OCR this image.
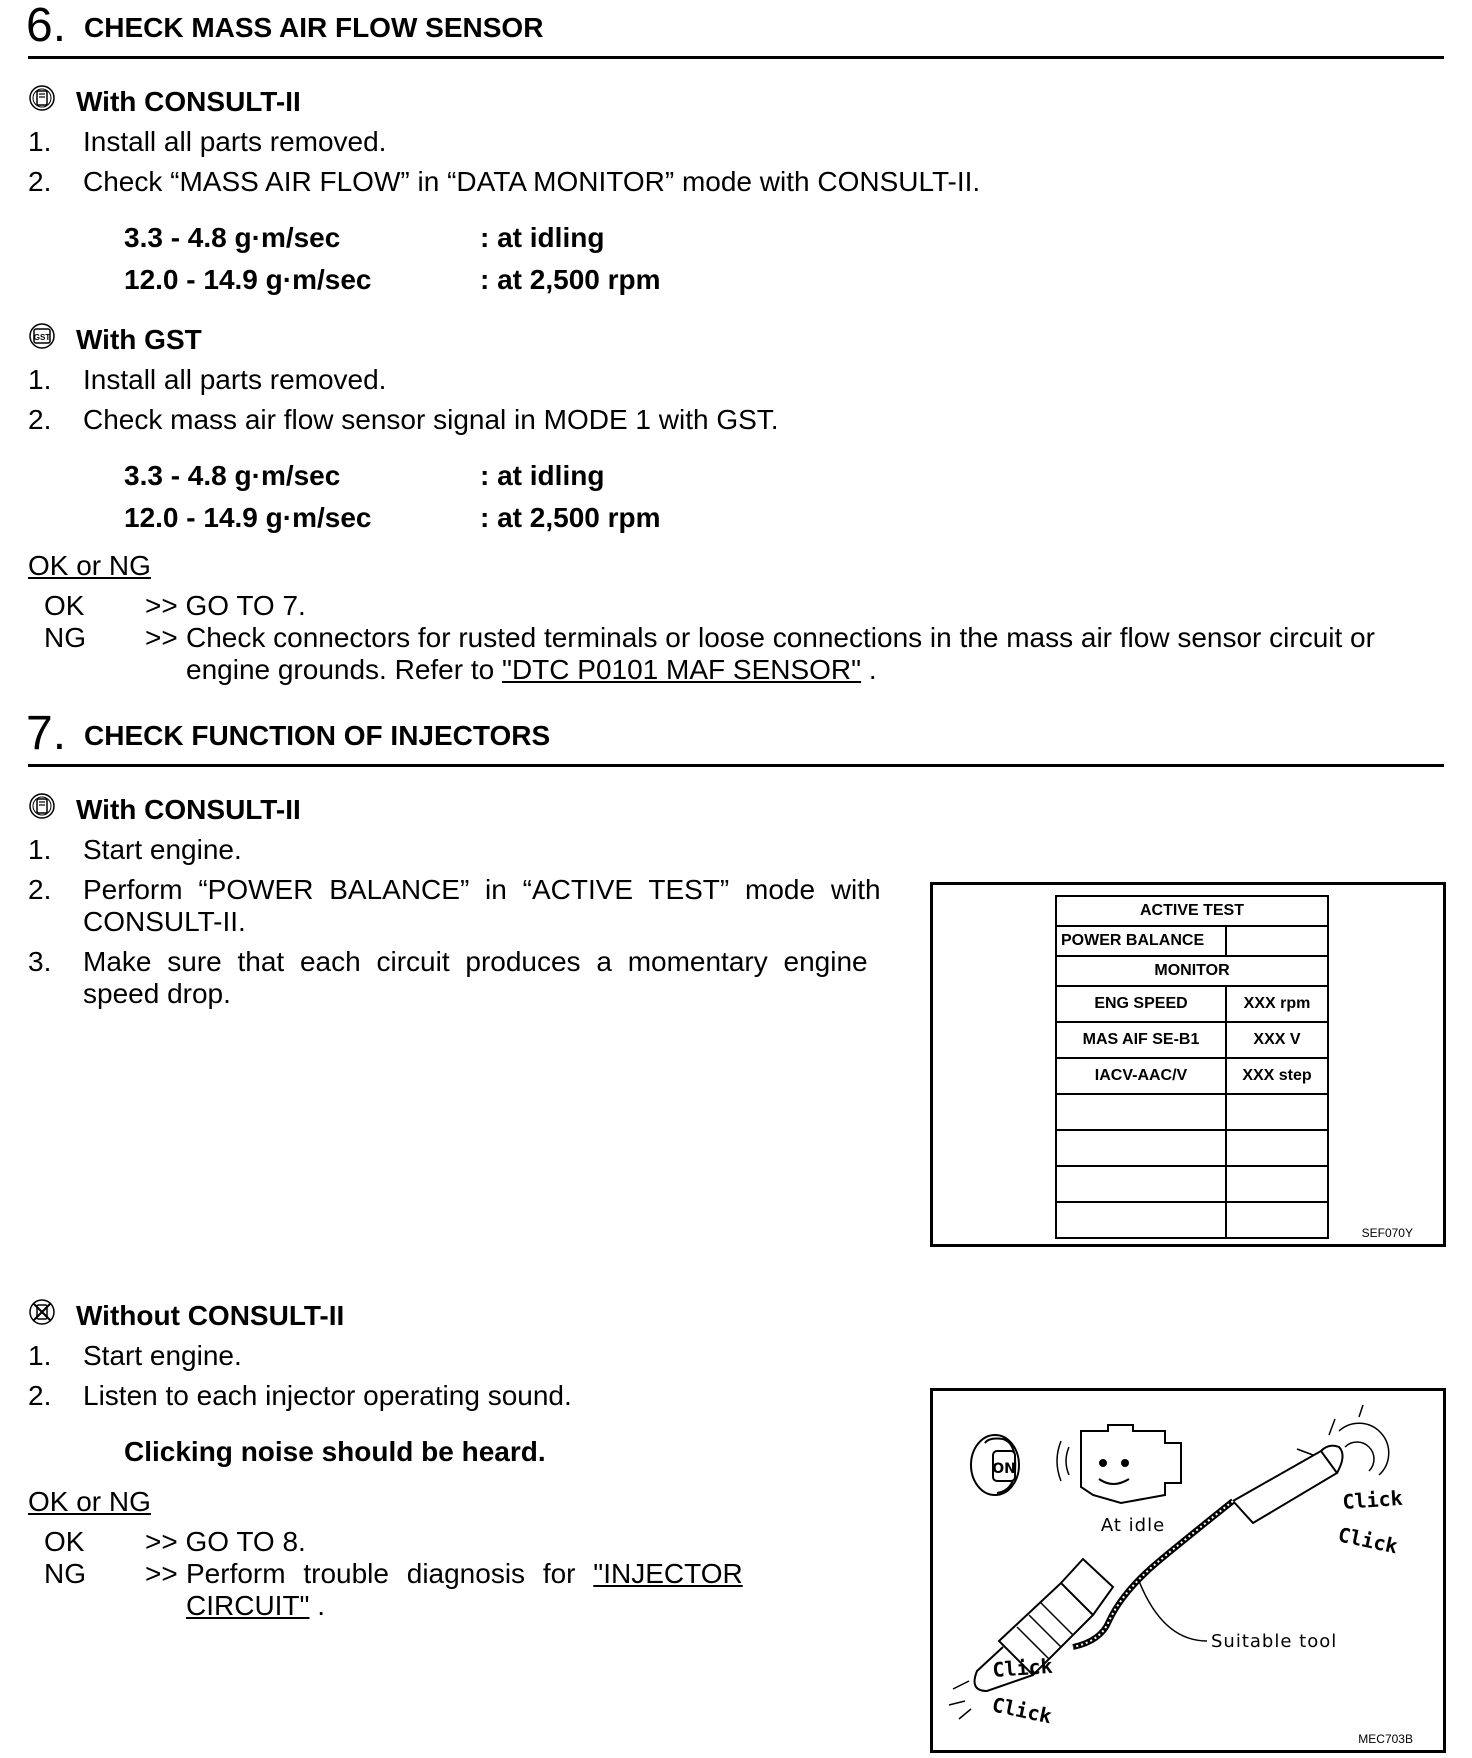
6. CHECK MASS AIR FLOW SENSOR
With CONSULT-II
1. Install all parts removed.
2. Check “MASS AIR FLOW” in “DATA MONITOR” mode with CONSULT-II.
3.3 - 4.8 g·m/sec	: at idling
12.0 - 14.9 g·m/sec	: at 2,500 rpm
GST With GST
1. Install all parts removed.
2. Check mass air flow sensor signal in MODE 1 with GST.
3.3 - 4.8 g·m/sec	: at idling
12.0 - 14.9 g·m/sec	: at 2,500 rpm
OK or NG
OK >> GO TO 7.
NG >> Check connectors for rusted terminals or loose connections in the mass air flow sensor circuit or
engine grounds. Refer to "DTC P0101 MAF SENSOR" .
7. CHECK FUNCTION OF INJECTORS
With CONSULT-II
1. Start engine.
2. Perform “POWER BALANCE” in “ACTIVE TEST” mode with
CONSULT-II.
3. Make sure that each circuit produces a momentary engine
speed drop.
ACTIVE TEST	
POWER BALANCE	
MONITOR	
ENG SPEED	XXX rpm
MAS AIF SE-B1	XXX V
IACV-AAC/V	XXX step

SEF070Y
Without CONSULT-II
1. Start engine.
2. Listen to each injector operating sound.
Clicking noise should be heard.
OK or NG
OK >> GO TO 8.
NG >> Perform trouble diagnosis for "INJECTOR
CIRCUIT" .
ON
At idle
Suitable tool
Click
Click
Click
Click
MEC703B
